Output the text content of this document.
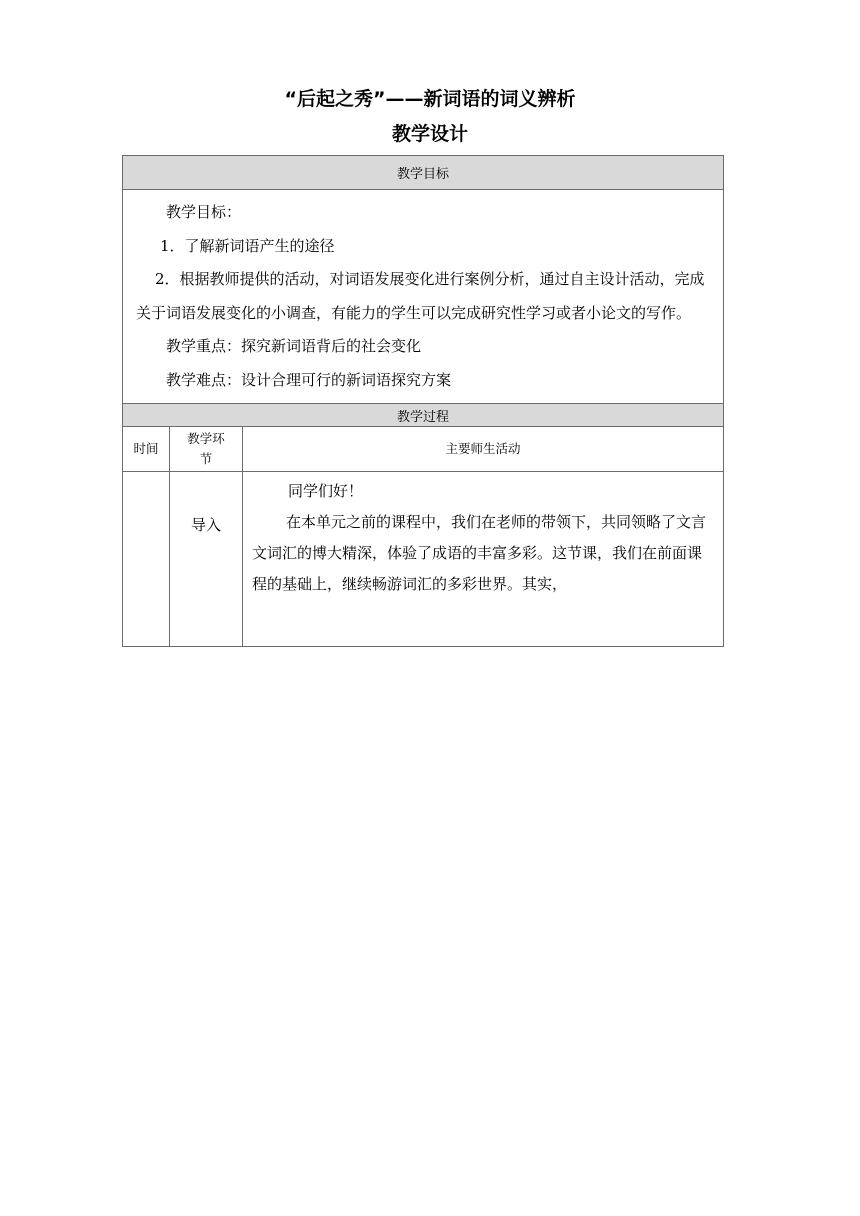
“后起之秀”——新词语的词义辨析
教学设计
教学目标		

教学目标：

1．了解新词语产生的途径

2．根据教师提供的活动，对词语发展变化进行案例分析，通过自主设计活动，完成关于词语发展变化的小调查，有能力的学生可以完成研究性学习或者小论文的写作。

教学重点：探究新词语背后的社会变化

教学难点：设计合理可行的新词语探究方案		

教学过程		
时间	教学环节	主要师生活动
	导入	同学们好！

在本单元之前的课程中，我们在老师的带领下，共同领略了文言文词汇的博大精深，体验了成语的丰富多彩。这节课，我们在前面课程的基础上，继续畅游词汇的多彩世界。其实，
